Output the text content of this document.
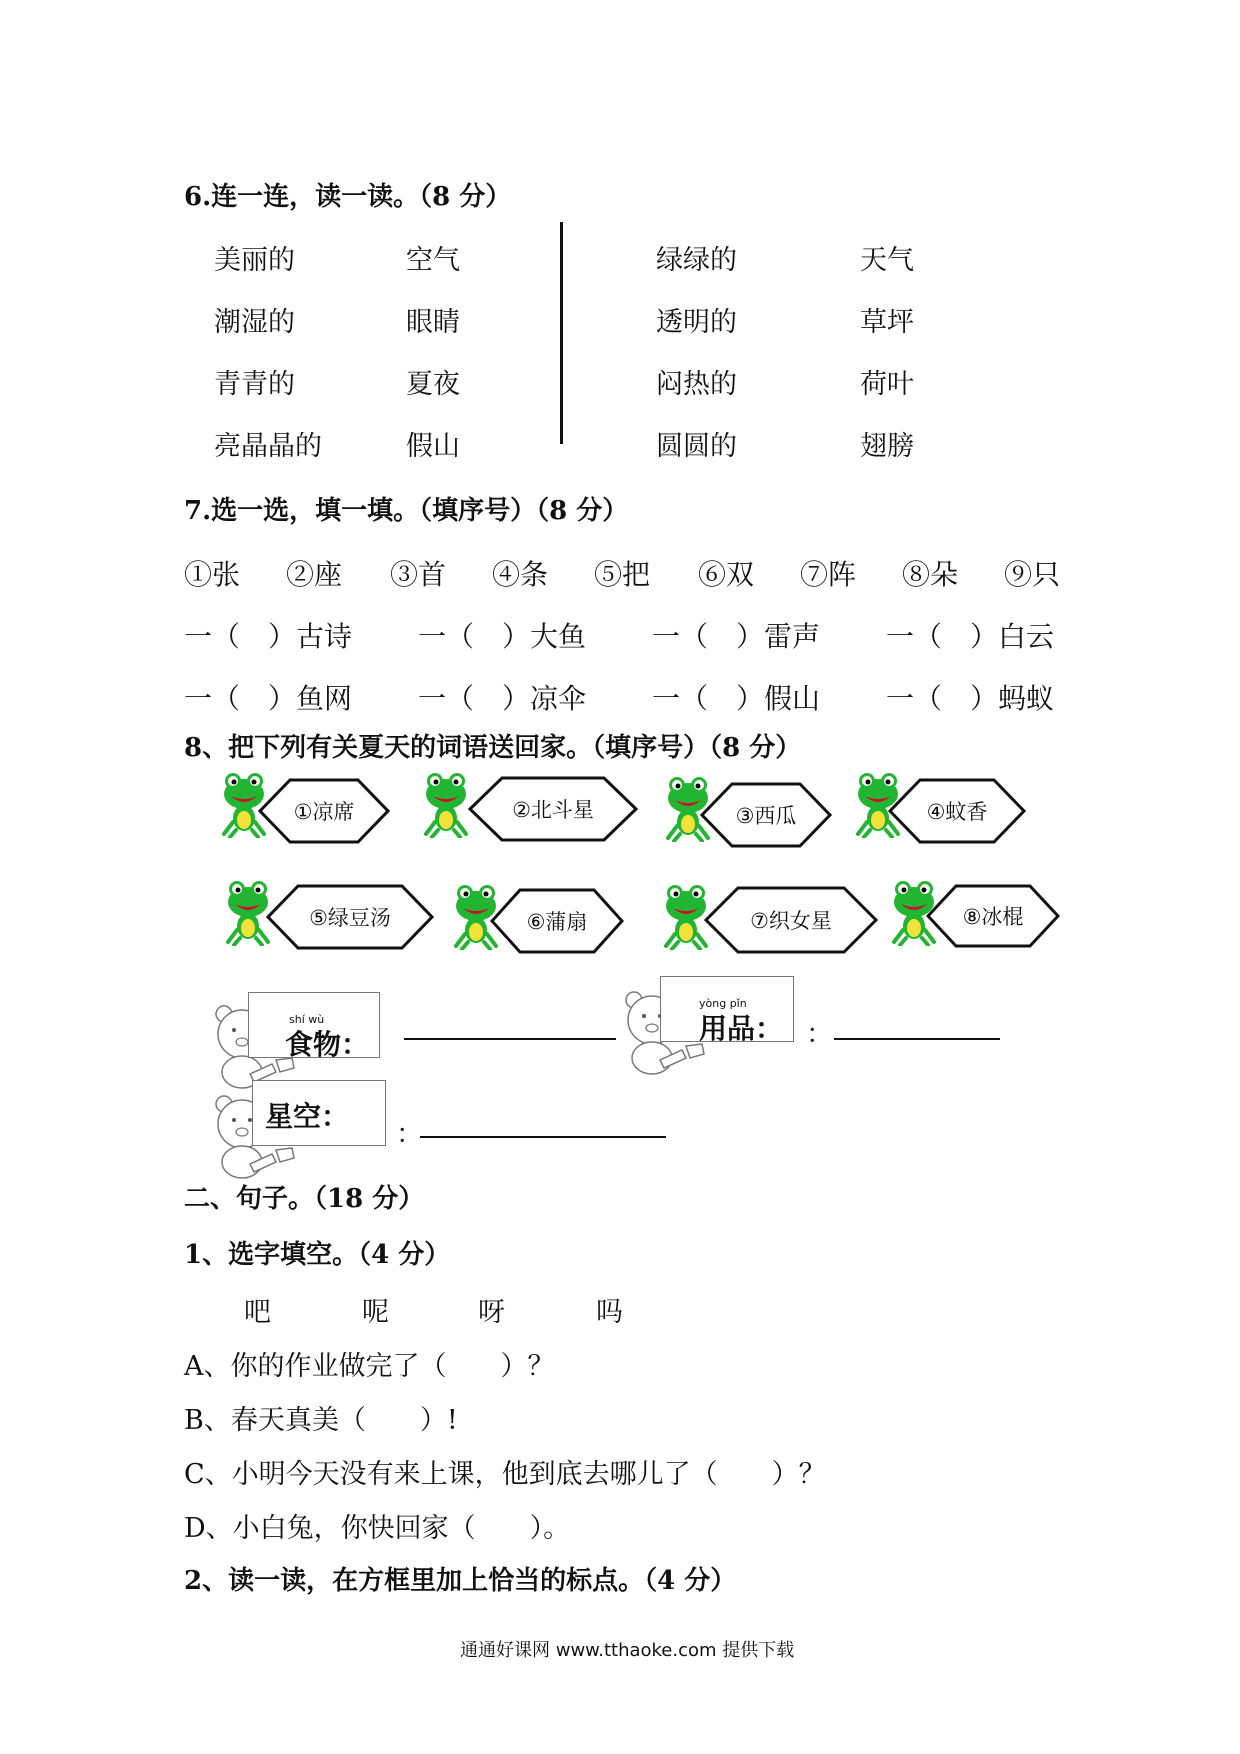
6.连一连，读一读。（8 分）
美丽的
潮湿的
青青的
亮晶晶的
空气
眼睛
夏夜
假山
绿绿的
透明的
闷热的
圆圆的
天气
草坪
荷叶
翅膀
7.选一选，填一填。（填序号）（8 分）
①张 ②座 ③首 ④条 ⑤把 ⑥双 ⑦阵 ⑧朵 ⑨只
一（　）古诗 一（　）大鱼 一（　）雷声 一（　）白云
一（　）鱼网 一（　）凉伞 一（　）假山 一（　）蚂蚁
8、把下列有关夏天的词语送回家。（填序号）（8 分）
①凉席	②北斗星	③西瓜	④蚊香
⑤绿豆汤	⑥蒲扇	⑦织女星	⑧冰棍
shí wù
食物：
yòng pǐn
用品： ：
星空：
：
二、句子。（18 分）
1、选字填空。（4 分）
吧	呢	呀	吗
A、你的作业做完了（　　）？
B、春天真美（　　）!
C、小明今天没有来上课，他到底去哪儿了（　　）？
D、小白兔，你快回家（　　）。
2、读一读，在方框里加上恰当的标点。（4 分）
通通好课网 www.tthaoke.com 提供下载
